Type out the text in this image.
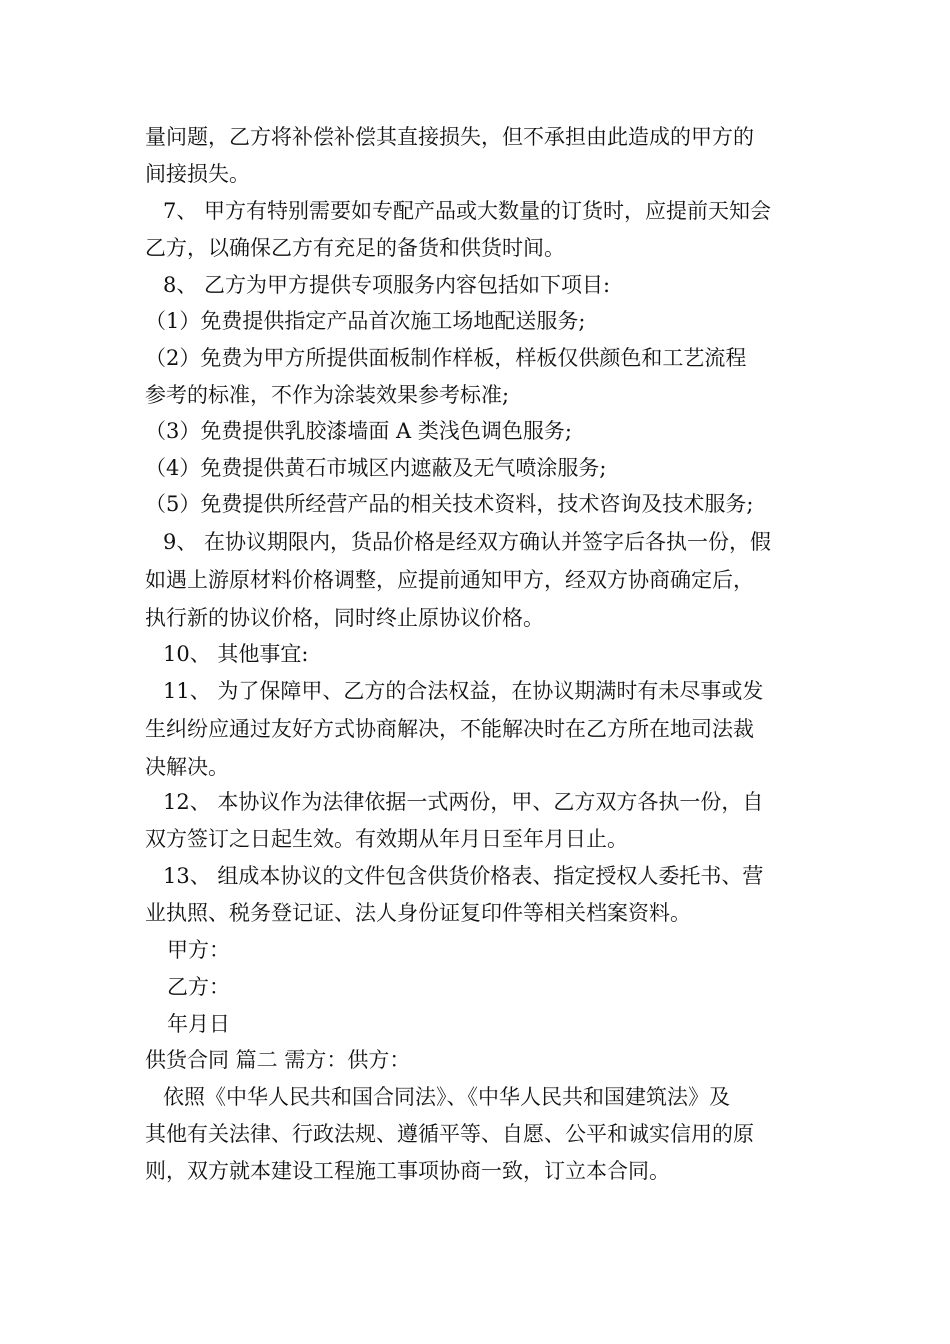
量问题，乙方将补偿补偿其直接损失，但不承担由此造成的甲方的
间接损失。
7、 甲方有特别需要如专配产品或大数量的订货时，应提前天知会
乙方，以确保乙方有充足的备货和供货时间。
8、 乙方为甲方提供专项服务内容包括如下项目:
（1）免费提供指定产品首次施工场地配送服务;
（2）免费为甲方所提供面板制作样板，样板仅供颜色和工艺流程
参考的标准，不作为涂装效果参考标准;
（3）免费提供乳胶漆墙面 A 类浅色调色服务;
（4）免费提供黄石市城区内遮蔽及无气喷涂服务;
（5）免费提供所经营产品的相关技术资料，技术咨询及技术服务;
9、 在协议期限内，货品价格是经双方确认并签字后各执一份，假
如遇上游原材料价格调整，应提前通知甲方，经双方协商确定后，
执行新的协议价格，同时终止原协议价格。
10、 其他事宜:
11、 为了保障甲、乙方的合法权益，在协议期满时有未尽事或发
生纠纷应通过友好方式协商解决，不能解决时在乙方所在地司法裁
决解决。
12、 本协议作为法律依据一式两份，甲、乙方双方各执一份，自
双方签订之日起生效。有效期从年月日至年月日止。
13、 组成本协议的文件包含供货价格表、指定授权人委托书、营
业执照、税务登记证、法人身份证复印件等相关档案资料。
甲方：
乙方：
年月日
供货合同 篇二 需方：供方：
依照《中华人民共和国合同法》、《中华人民共和国建筑法》及
其他有关法律、行政法规、遵循平等、自愿、公平和诚实信用的原
则，双方就本建设工程施工事项协商一致，订立本合同。
